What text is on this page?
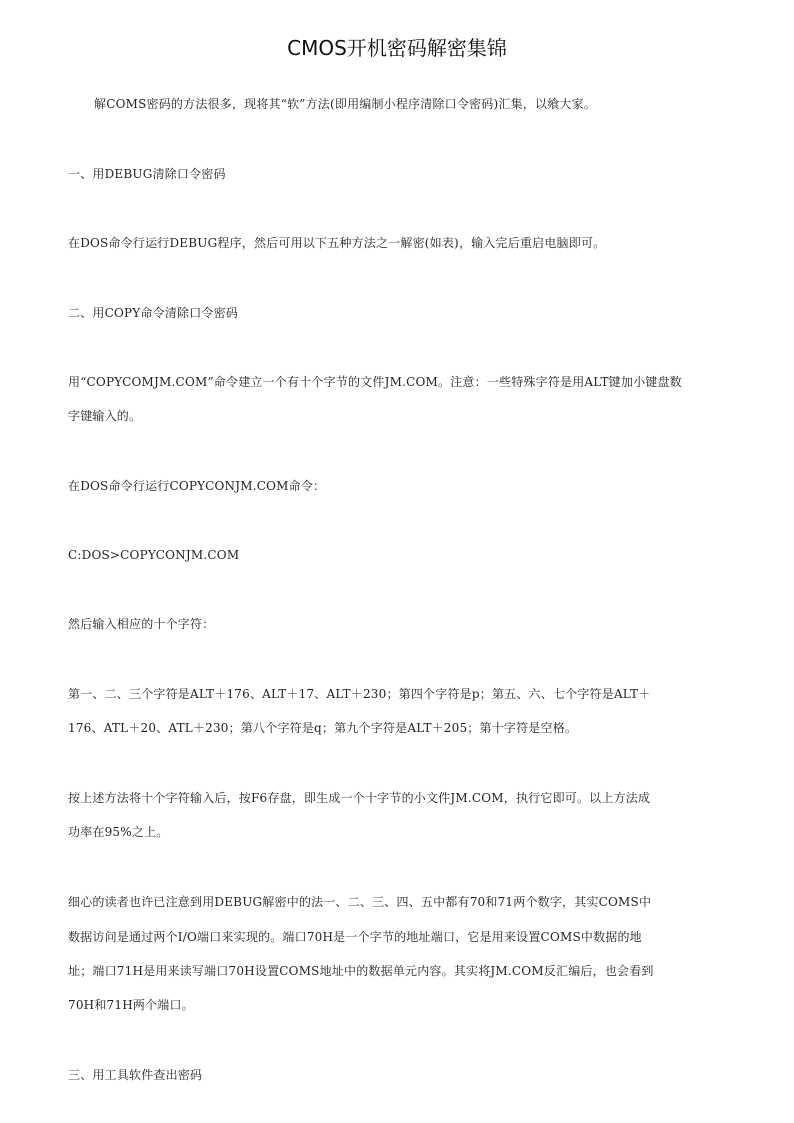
CMOS开机密码解密集锦
解COMS密码的方法很多，现将其“软”方法(即用编制小程序清除口令密码)汇集，以飨大家。
一、用DEBUG清除口令密码
在DOS命令行运行DEBUG程序，然后可用以下五种方法之一解密(如表)，输入完后重启电脑即可。
二、用COPY命令清除口令密码
用“COPYCOMJM.COM”命令建立一个有十个字节的文件JM.COM。注意：一些特殊字符是用ALT键加小键盘数
字键输入的。
在DOS命令行运行COPYCONJM.COM命令：
C:DOS>COPYCONJM.COM
然后输入相应的十个字符：
第一、二、三个字符是ALT＋176、ALT＋17、ALT＋230；第四个字符是p；第五、六、七个字符是ALT＋
176、ATL＋20、ATL＋230；第八个字符是q；第九个字符是ALT＋205；第十字符是空格。
按上述方法将十个字符输入后，按F6存盘，即生成一个十字节的小文件JM.COM，执行它即可。以上方法成
功率在95%之上。
细心的读者也许已注意到用DEBUG解密中的法一、二、三、四、五中都有70和71两个数字，其实COMS中
数据访问是通过两个I/O端口来实现的。端口70H是一个字节的地址端口，它是用来设置COMS中数据的地
址；端口71H是用来读写端口70H设置COMS地址中的数据单元内容。其实将JM.COM反汇编后，也会看到
70H和71H两个端口。
三、用工具软件查出密码
